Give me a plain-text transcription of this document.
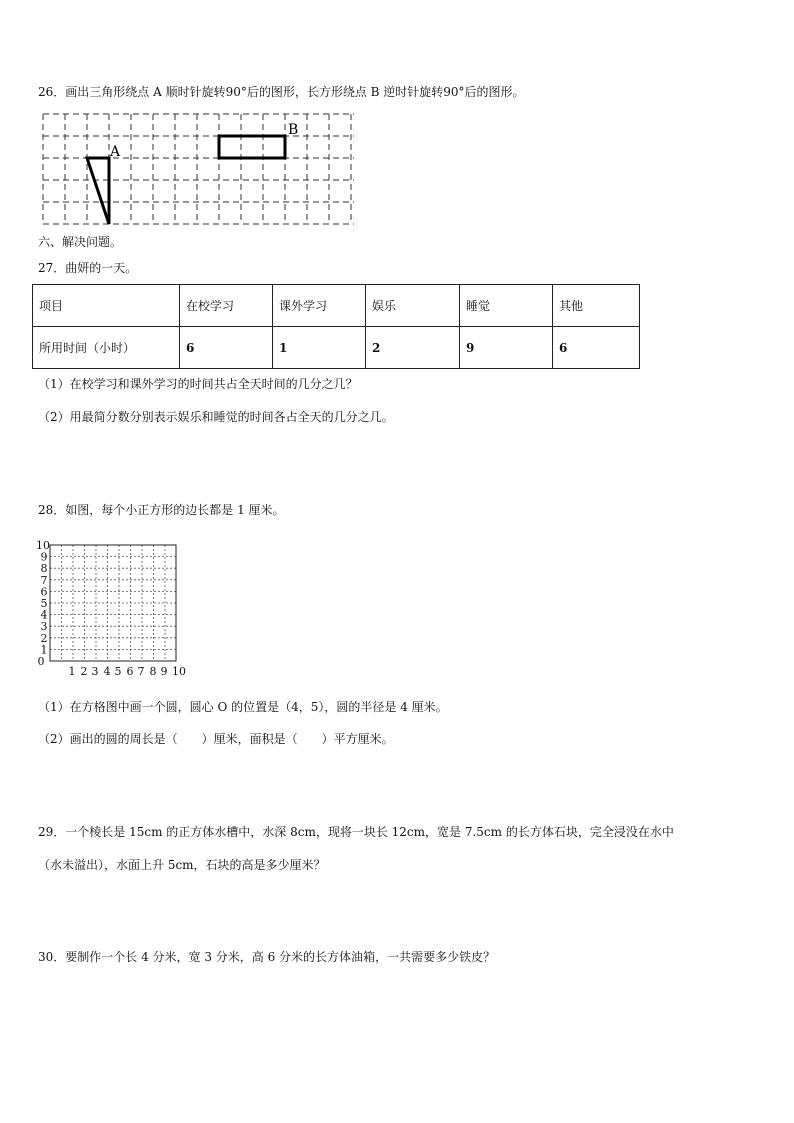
26．画出三角形绕点 A 顺时针旋转90°后的图形，长方形绕点 B 逆时针旋转90°后的图形。
A
B
六、解决问题。
27．曲妍的一天。
项目	在校学习	课外学习	娱乐	睡觉	其他
所用时间（小时）	6	1	2	9	6
（1）在校学习和课外学习的时间共占全天时间的几分之几？
（2）用最简分数分别表示娱乐和睡觉的时间各占全天的几分之几。
28．如图，每个小正方形的边长都是 1 厘米。
0
1
2
3
4
5
6
7
8
9
10
1 2 3 4 5 6 7 8 9 10
（1）在方格图中画一个圆，圆心 O 的位置是（4，5），圆的半径是 4 厘米。
（2）画出的圆的周长是（　　）厘米，面积是（　　）平方厘米。
29．一个棱长是 15cm 的正方体水槽中，水深 8cm，现将一块长 12cm，宽是 7.5cm 的长方体石块，完全浸没在水中
（水未溢出），水面上升 5cm，石块的高是多少厘米？
30．要制作一个长 4 分米，宽 3 分米，高 6 分米的长方体油箱，一共需要多少铁皮？
